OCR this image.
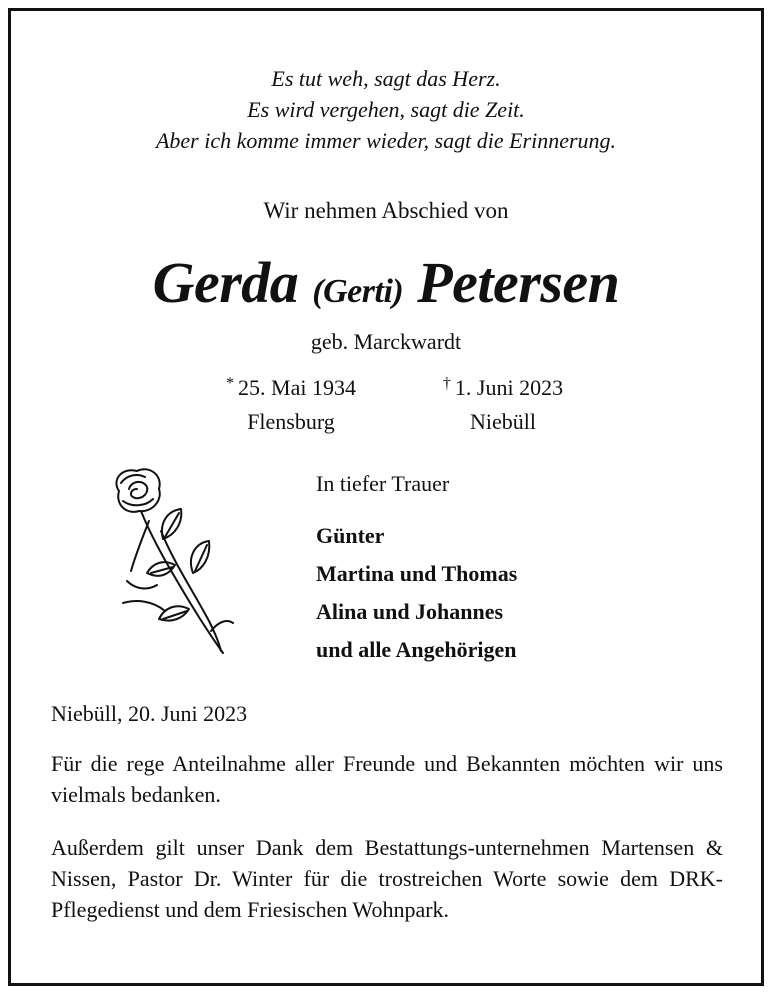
Es tut weh, sagt das Herz.
Es wird vergehen, sagt die Zeit.
Aber ich komme immer wieder, sagt die Erinnerung.
Wir nehmen Abschied von
Gerda (Gerti) Petersen
geb. Marckwardt
* 25. Mai 1934
Flensburg
† 1. Juni 2023
Niebüll
In tiefer Trauer
Günter
Martina und Thomas
Alina und Johannes
und alle Angehörigen
Niebüll, 20. Juni 2023
Für die rege Anteilnahme aller Freunde und Bekannten möchten wir uns vielmals bedanken.
Außerdem gilt unser Dank dem Bestattungs-unternehmen Martensen & Nissen, Pastor Dr. Winter für die trostreichen Worte sowie dem DRK-Pflegedienst und dem Friesischen Wohnpark.
